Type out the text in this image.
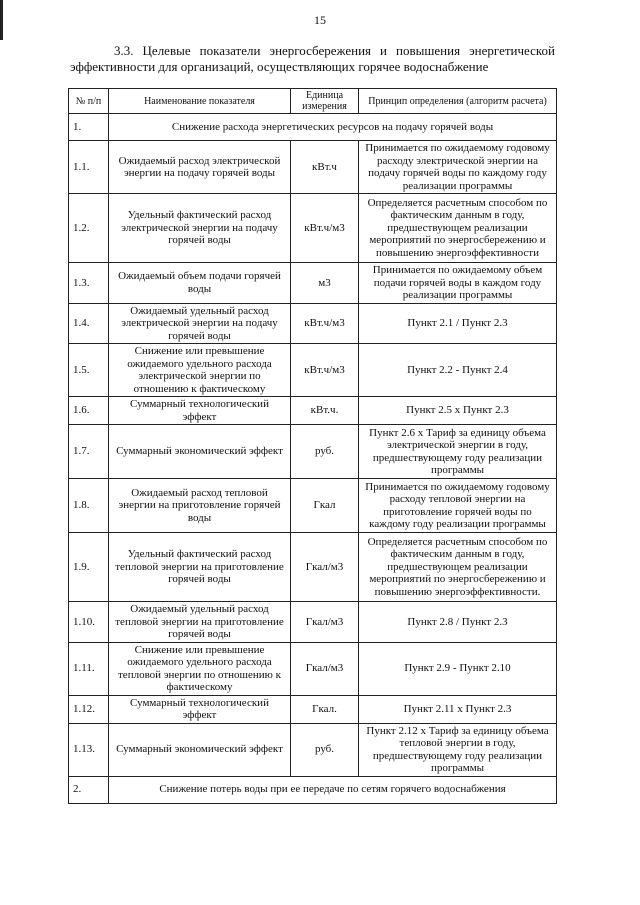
15
3.3. Целевые показатели энергосбережения и повышения энергетической эффективности для организаций, осуществляющих горячее водоснабжение
№ п/п	Наименование показателя	Единица измерения	Принцип определения (алгоритм расчета)
1.	Снижение расхода энергетических ресурсов на подачу горячей воды		
1.1.	Ожидаемый расход электрической энергии на подачу горячей воды	кВт.ч	Принимается по ожидаемому годовому расходу электрической энергии на подачу горячей воды по каждому году реализации программы
1.2.	Удельный фактический расход электрической энергии на подачу горячей воды	кВт.ч/м3	Определяется расчетным способом по фактическим данным в году, предшествующем реализации мероприятий по энергосбережению и повышению энергоэффективности
1.3.	Ожидаемый объем подачи горячей воды	м3	Принимается по ожидаемому объем подачи горячей воды в каждом году реализации программы
1.4.	Ожидаемый удельный расход электрической энергии на подачу горячей воды	кВт.ч/м3	Пункт 2.1 / Пункт 2.3
1.5.	Снижение или превышение ожидаемого удельного расхода электрической энергии по отношению к фактическому	кВт.ч/м3	Пункт 2.2 - Пункт 2.4
1.6.	Суммарный технологический эффект	кВт.ч.	Пункт 2.5 х Пункт 2.3
1.7.	Суммарный экономический эффект	руб.	Пункт 2.6 х Тариф за единицу объема электрической энергии в году, предшествующему году реализации программы
1.8.	Ожидаемый расход тепловой энергии на приготовление горячей воды	Гкал	Принимается по ожидаемому годовому расходу тепловой энергии на приготовление горячей воды по каждому году реализации программы
1.9.	Удельный фактический расход тепловой энергии на приготовление горячей воды	Гкал/м3	Определяется расчетным способом по фактическим данным в году, предшествующем реализации мероприятий по энергосбережению и повышению энергоэффективности.
1.10.	Ожидаемый удельный расход тепловой энергии на приготовление горячей воды	Гкал/м3	Пункт 2.8 / Пункт 2.3
1.11.	Снижение или превышение ожидаемого удельного расхода тепловой энергии по отношению к фактическому	Гкал/м3	Пункт 2.9 - Пункт 2.10
1.12.	Суммарный технологический эффект	Гкал.	Пункт 2.11 х Пункт 2.3
1.13.	Суммарный экономический эффект	руб.	Пункт 2.12 х Тариф за единицу объема тепловой энергии в году, предшествующему году реализации программы
2.	Снижение потерь воды при ее передаче по сетям горячего водоснабжения		
